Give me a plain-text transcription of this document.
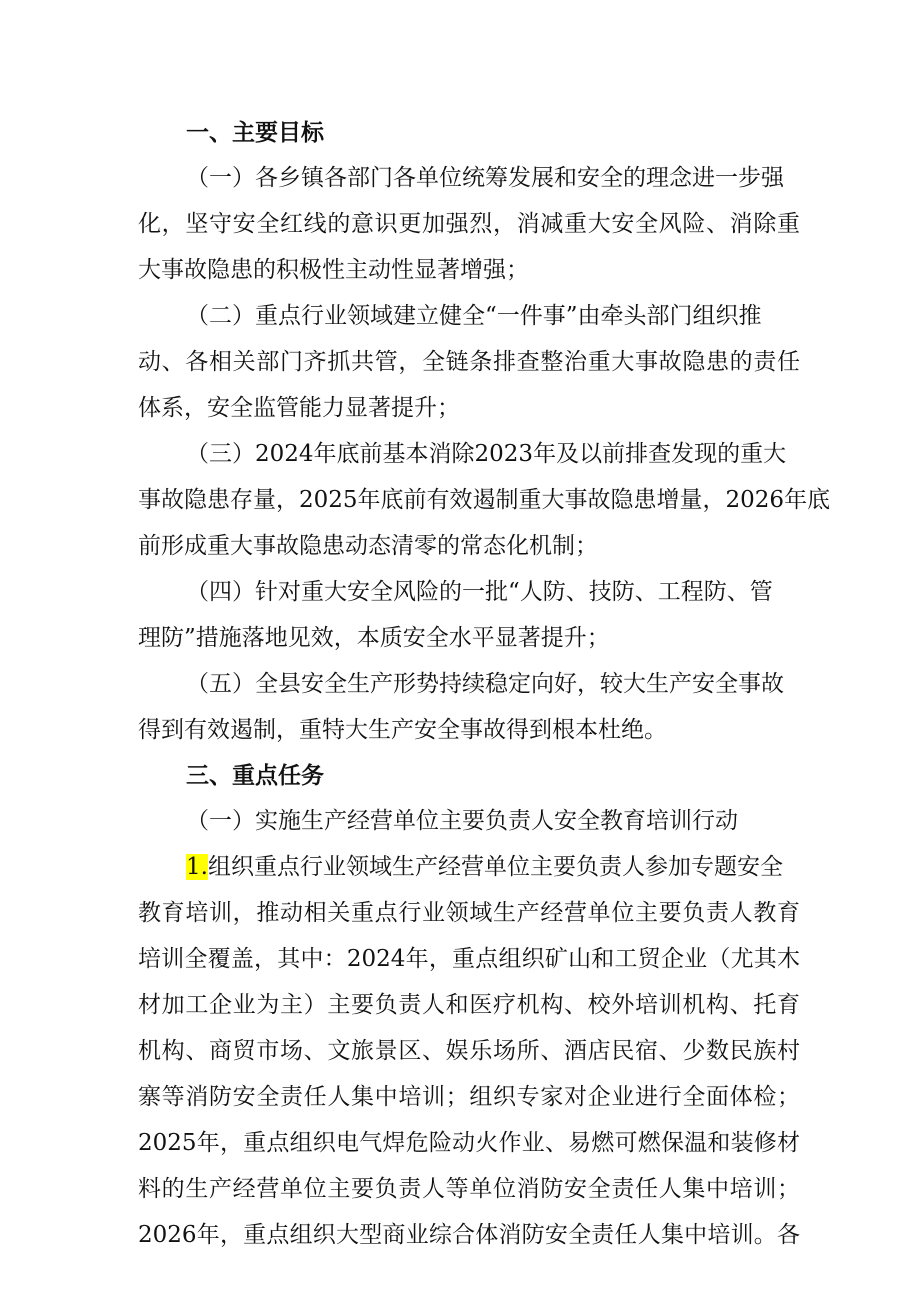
一、主要目标
（一）各乡镇各部门各单位统筹发展和安全的理念进一步强
化，坚守安全红线的意识更加强烈，消减重大安全风险、消除重
大事故隐患的积极性主动性显著增强；
（二）重点行业领域建立健全“一件事”由牵头部门组织推
动、各相关部门齐抓共管，全链条排查整治重大事故隐患的责任
体系，安全监管能力显著提升；
（三）2024年底前基本消除2023年及以前排查发现的重大
事故隐患存量，2025年底前有效遏制重大事故隐患增量，2026年底
前形成重大事故隐患动态清零的常态化机制；
（四）针对重大安全风险的一批“人防、技防、工程防、管
理防”措施落地见效，本质安全水平显著提升；
（五）全县安全生产形势持续稳定向好，较大生产安全事故
得到有效遏制，重特大生产安全事故得到根本杜绝。
三、重点任务
（一）实施生产经营单位主要负责人安全教育培训行动
1.组织重点行业领域生产经营单位主要负责人参加专题安全
教育培训，推动相关重点行业领域生产经营单位主要负责人教育
培训全覆盖，其中：2024年，重点组织矿山和工贸企业（尤其木
材加工企业为主）主要负责人和医疗机构、校外培训机构、托育
机构、商贸市场、文旅景区、娱乐场所、酒店民宿、少数民族村
寨等消防安全责任人集中培训；组织专家对企业进行全面体检；
2025年，重点组织电气焊危险动火作业、易燃可燃保温和装修材
料的生产经营单位主要负责人等单位消防安全责任人集中培训；
2026年，重点组织大型商业综合体消防安全责任人集中培训。各
